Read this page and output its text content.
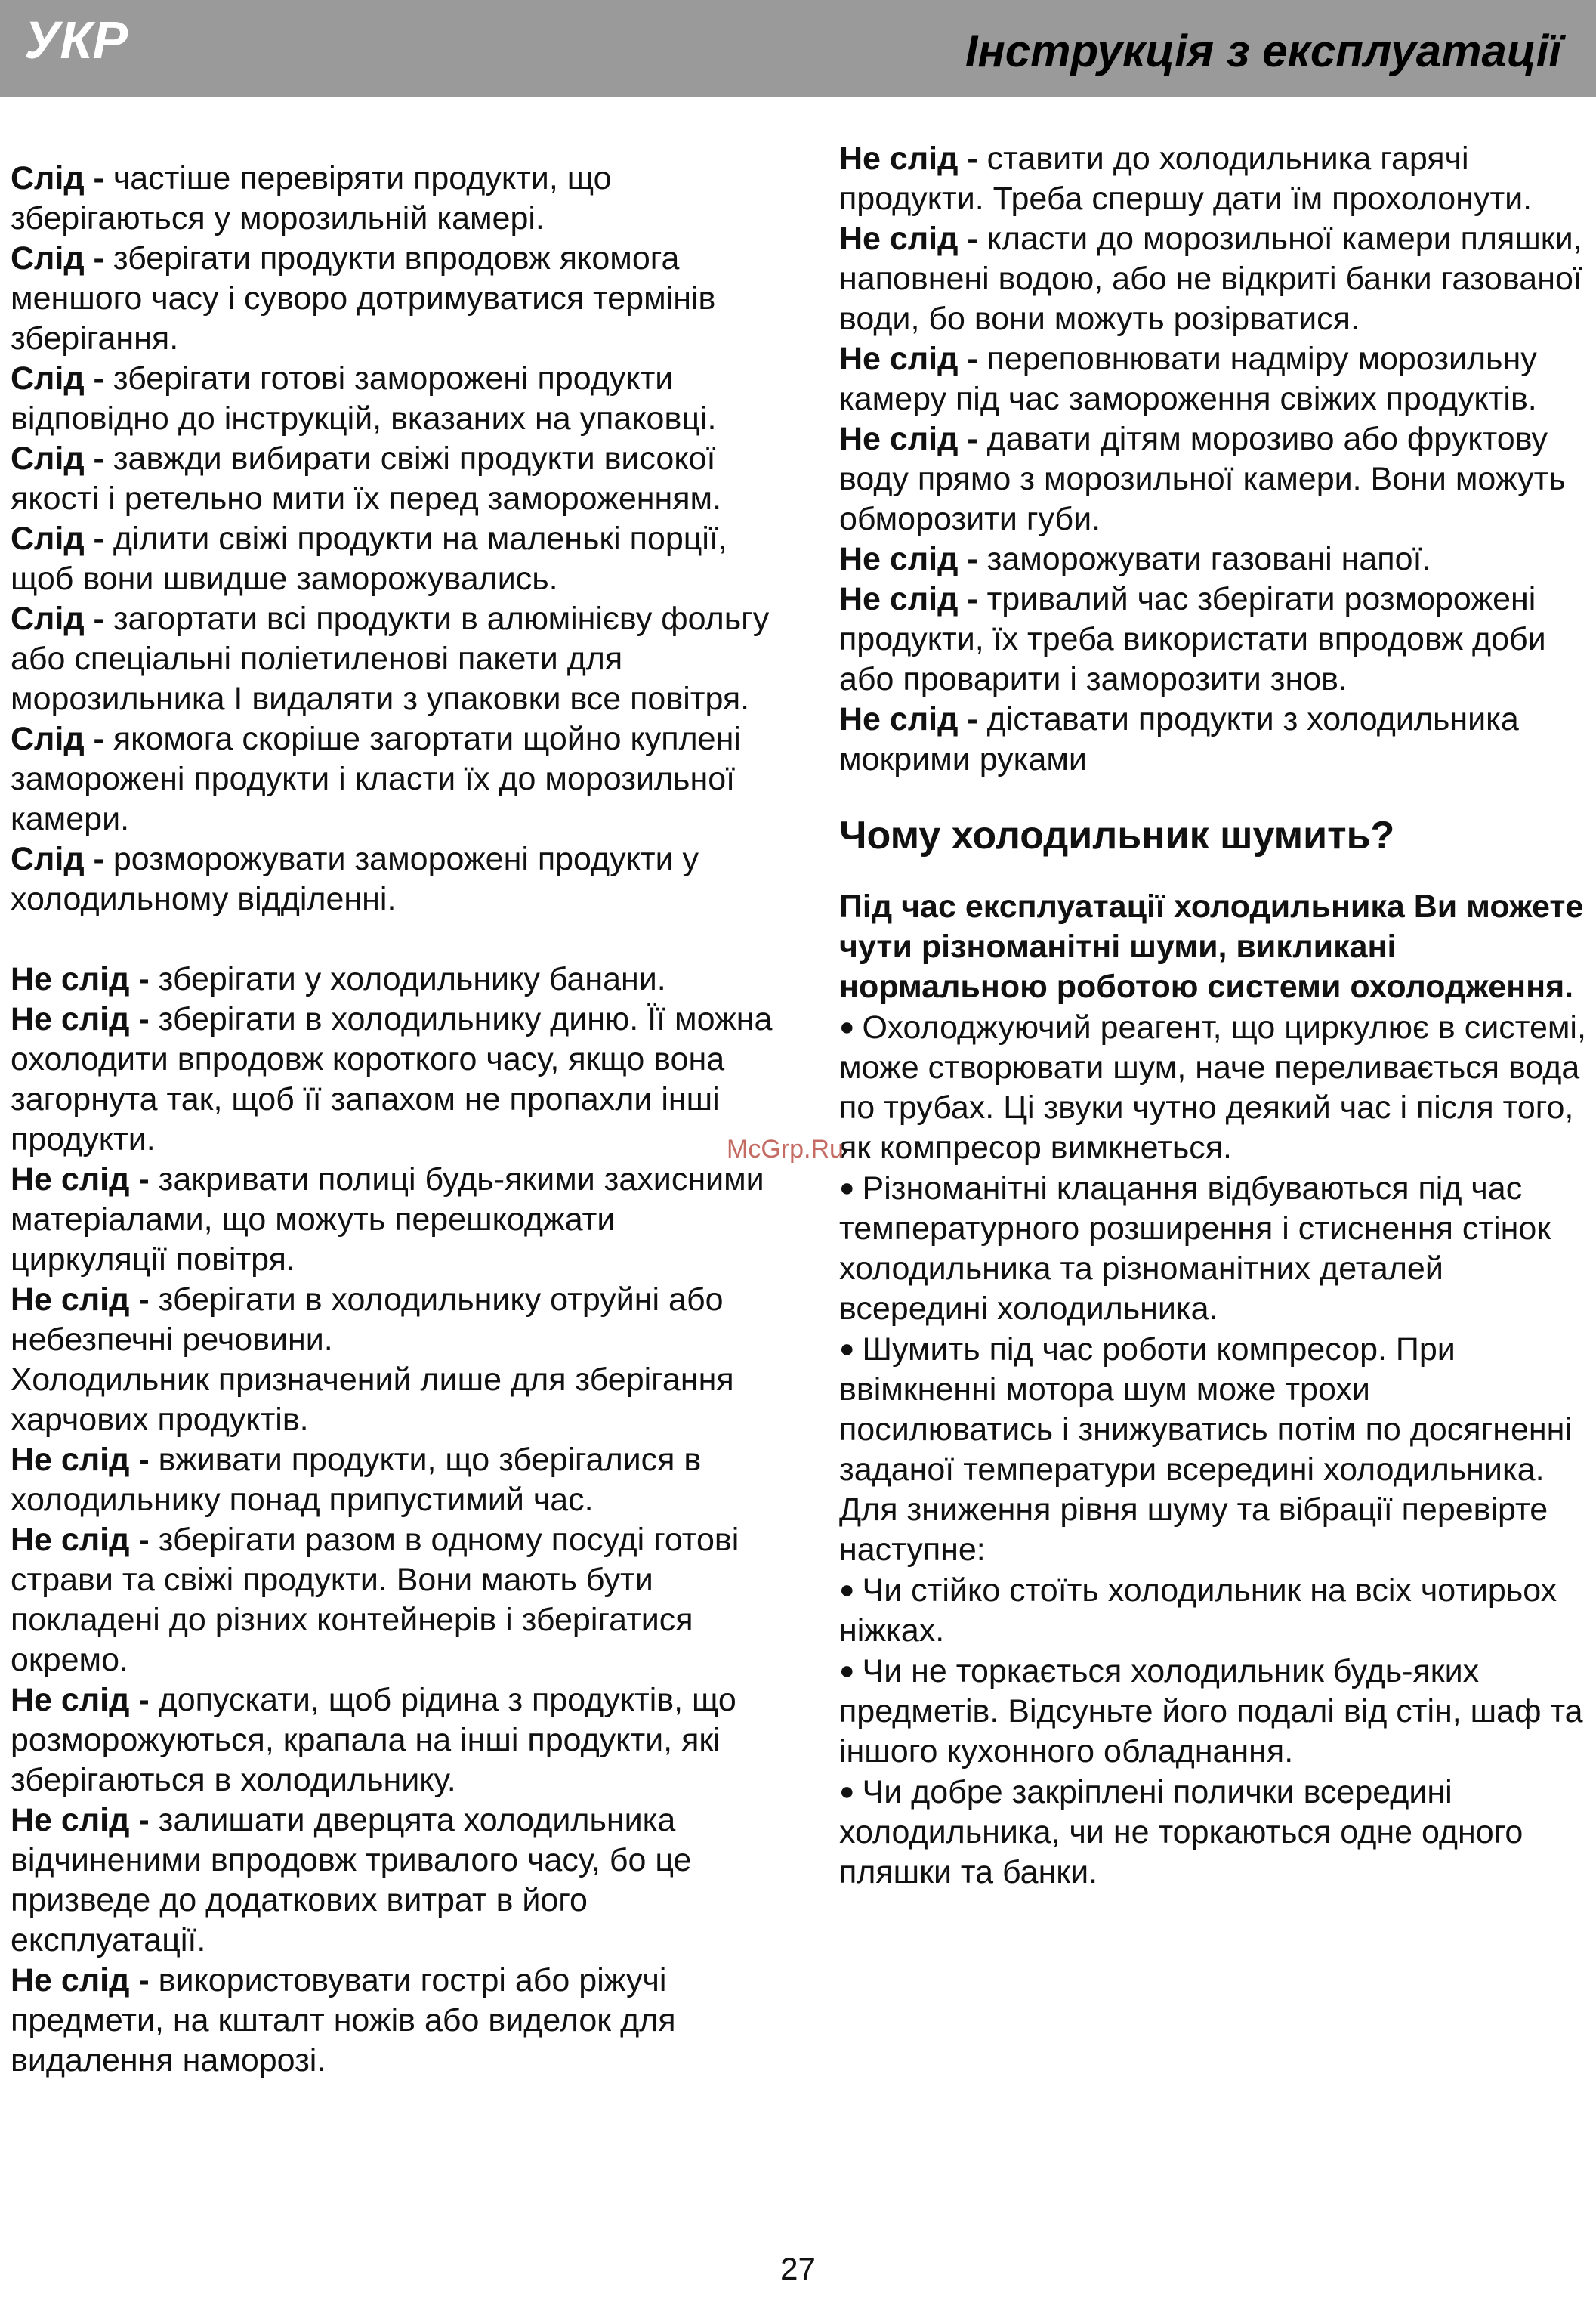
УКР	Інструкція з експлуатації

Слід - частіше перевіряти продукти, що зберігаються у морозильній камері.

Слід - зберігати продукти впродовж якомога меншого часу і суворо дотримуватися термінів зберігання.

Слід - зберігати готові заморожені продукти відповідно до інструкцій, вказаних на упаковці.

Слід - завжди вибирати свіжі продукти високої якості і ретельно мити їх перед замороженням.

Слід - ділити свіжі продукти на маленькі порції, щоб вони швидше заморожувались.

Слід - загортати всі продукти в алюмінієву фольгу або спеціальні поліетиленові пакети для морозильника І видаляти з упаковки все повітря.

Слід - якомога скоріше загортати щойно куплені заморожені продукти і класти їх до морозильної камери.

Слід - розморожувати заморожені продукти у холодильному відділенні.

Не слід - зберігати у холодильнику банани.

Не слід - зберігати в холодильнику диню. Її можна охолодити впродовж короткого часу, якщо вона загорнута так, щоб її запахом не пропахли інші продукти.

Не слід - закривати полиці будь-якими захисними матеріалами, що можуть перешкоджати циркуляції повітря.

Не слід - зберігати в холодильнику отруйні або небезпечні речовини.

Холодильник призначений лише для зберігання харчових продуктів.

Не слід - вживати продукти, що зберігалися в холодильнику понад припустимий час.

Не слід - зберігати разом в одному посуді готові страви та свіжі продукти. Вони мають бути покладені до різних контейнерів і зберігатися окремо.

Не слід - допускати, щоб рідина з продуктів, що розморожуються, крапала на інші продукти, які зберігаються в холодильнику.

Не слід - залишати дверцята холодильника відчиненими впродовж тривалого часу, бо це призведе до додаткових витрат в його експлуатації.

Не слід - використовувати гострі або ріжучі предмети, на кшталт ножів або виделок для видалення наморозі.

Не слід - ставити до холодильника гарячі продукти. Треба спершу дати їм прохолонути.

Не слід - класти до морозильної камери пляшки, наповнені водою, або не відкриті банки газованої води, бо вони можуть розірватися.

Не слід - переповнювати надміру морозильну камеру під час замороження свіжих продуктів.

Не слід - давати дітям морозиво або фруктову воду прямо з морозильної камери. Вони можуть обморозити губи.

Не слід - заморожувати газовані напої.

Не слід - тривалий час зберігати розморожені продукти, їх треба використати впродовж доби або проварити і заморозити знов.

Не слід - діставати продукти з холодильника мокрими руками

Чому холодильник шумить?

Під час експлуатації холодильника Ви можете чути різноманітні шуми, викликані нормальною роботою системи охолодження.

● Охолоджуючий реагент, що циркулює в системі, може створювати шум, наче переливається вода по трубах. Ці звуки чутно деякий час і після того, як компресор вимкнеться.

● Різноманітні клацання відбуваються під час температурного розширення і стиснення стінок холодильника та різноманітних деталей всередині холодильника.

● Шумить під час роботи компресор. При ввімкненні мотора шум може трохи посилюватись і знижуватись потім по досягненні заданої температури всередині холодильника.

Для зниження рівня шуму та вібрації перевірте наступне:

● Чи стійко стоїть холодильник на всіх чотирьох ніжках.

● Чи не торкається холодильник будь-яких предметів. Відсуньте його подалі від стін, шаф та іншого кухонного обладнання.

● Чи добре закріплені полички всередині холодильника, чи не торкаються одне одного пляшки та банки.

McGrp.Ru
27
